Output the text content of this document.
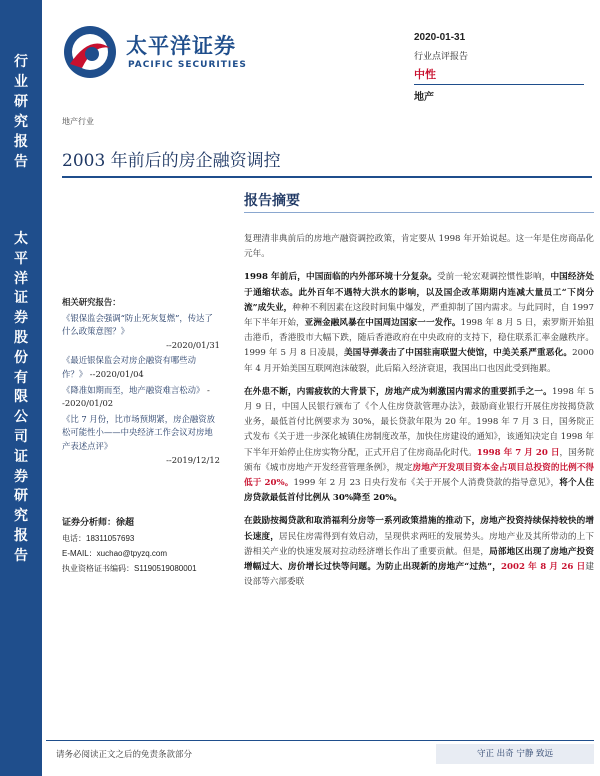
行
业
研
究
报
告
太
平
洋
证
券
股
份
有
限
公
司
证
券
研
究
报
告
太平洋证券
PACIFIC SECURITIES
2020-01-31
行业点评报告
中性
地产
地产行业
2003 年前后的房企融资调控
报告摘要
相关研究报告：
《银保监会强调“防止死灰复燃”，传达了什么政策意图？》
--2020/01/31
《最近银保监会对房企融资有哪些动作？》 --2020/01/04
《降准如期而至，地产融资难言松动》 --2020/01/02
《比 7 月份，比市场预期紧，房企融资放松可能性小——中央经济工作会议对房地产表述点评》
--2019/12/12
证券分析师：徐超
电话：18311057693
E-MAIL：xuchao@tpyzq.com
执业资格证书编码：S1190519080001

复理清非典前后的房地产融资调控政策，肯定要从 1998 年开始说起。这一年是住房商品化元年。

1998 年前后，中国面临的内外部环境十分复杂。受前一轮宏观调控惯性影响，中国经济处于通缩状态。此外百年不遇特大洪水的影响，以及国企改革期期内连减大量员工“下岗分流”成失业，种种不利因素在这段时间集中爆发，严重抑制了国内需求。与此同时，自 1997 年下半年开始，亚洲金融风暴在中国周边国家一一发作。1998 年 8 月 5 日，索罗斯开始狙击港币，香港股市大幅下跌，随后香港政府在中央政府的支持下，稳住联系汇率金融秩序。1999 年 5 月 8 日凌晨，美国导弹袭击了中国驻南联盟大使馆，中美关系严重恶化。2000 年 4 月开始美国互联网泡沫破裂，此后陷入经济衰退，我国出口也因此受到拖累。

在外患不断，内需疲软的大背景下，房地产成为刺激国内需求的重要抓手之一。1998 年 5 月 9 日，中国人民银行颁布了《个人住房贷款管理办法》，鼓励商业银行开展住房按揭贷款业务，最低首付比例要求为 30%，最长贷款年限为 20 年。1998 年 7 月 3 日，国务院正式发布《关于进一步深化城镇住房制度改革，加快住房建设的通知》，该通知决定自 1998 年下半年开始停止住房实物分配，正式开启了住房商品化时代。1998 年 7 月 20 日，国务院颁布《城市房地产开发经营管理条例》，规定房地产开发项目资本金占项目总投资的比例不得低于 20%。1999 年 2 月 23 日央行发布《关于开展个人消费贷款的指导意见》，将个人住房贷款最低首付比例从 30%降至 20%。

在鼓励按揭贷款和取消福利分房等一系列政策措施的推动下，房地产投资持续保持较快的增长速度，居民住房需得到有效启动，呈现供求两旺的发展势头。房地产业及其所带动的上下游相关产业的快速发展对拉动经济增长作出了重要贡献。但是，局部地区出现了房地产投资增幅过大、房价增长过快等问题。为防止出现新的房地产“过热”，2002 年 8 月 26 日建设部等六部委联

请务必阅读正文之后的免责条款部分	守正 出奇 宁静 致远
